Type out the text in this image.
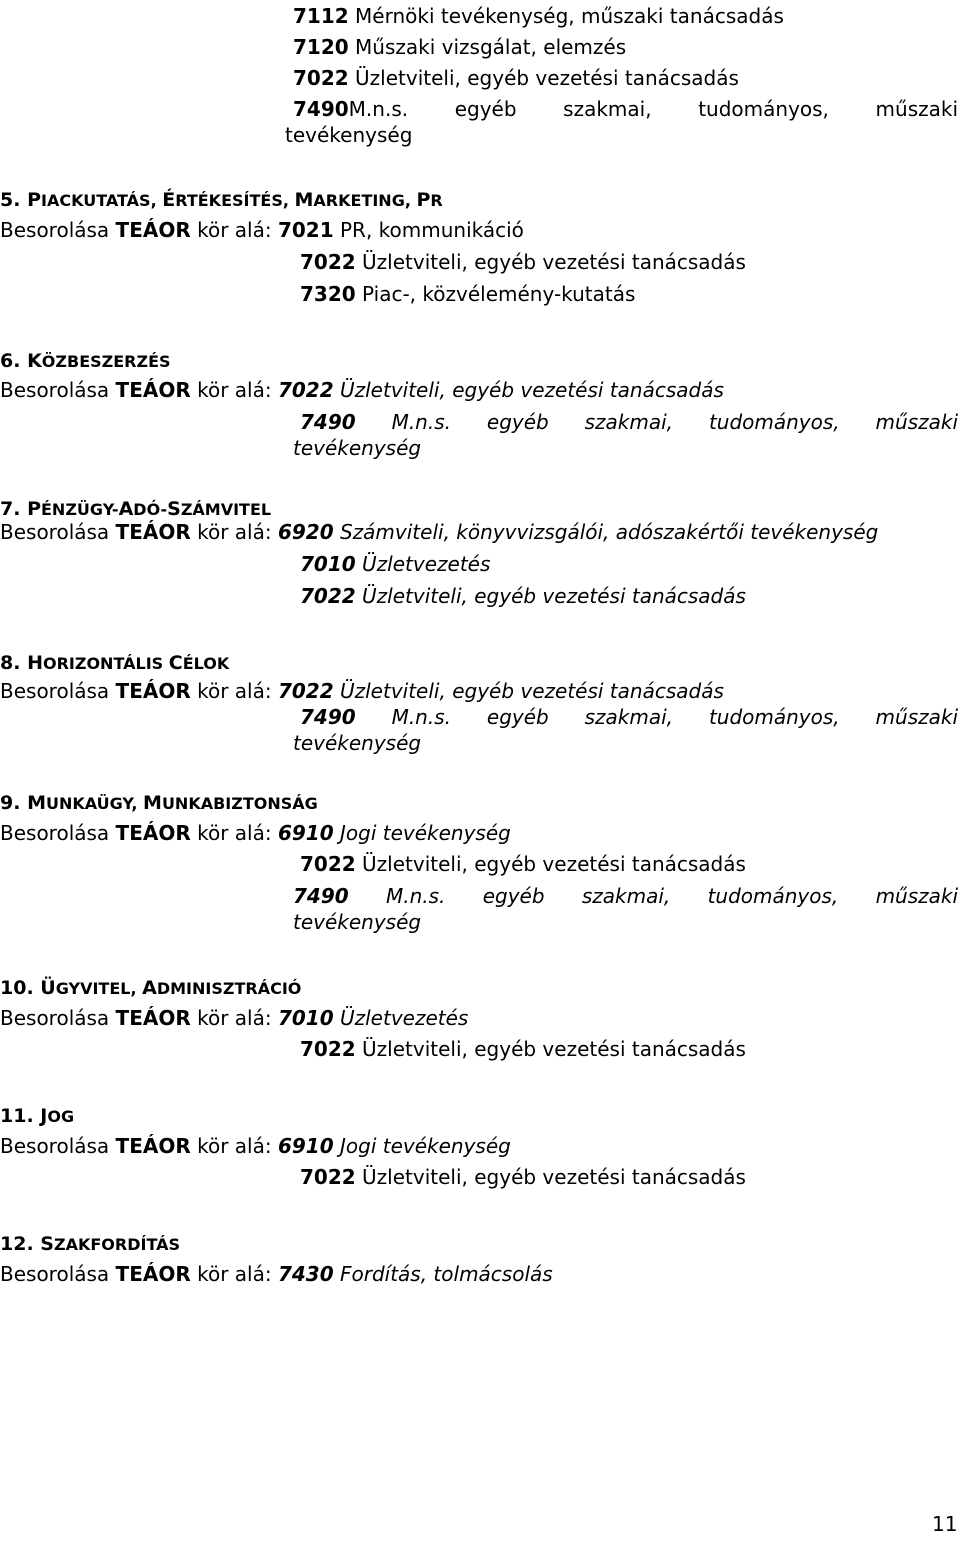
7112 Mérnöki tevékenység, műszaki tanácsadás
7120 Műszaki vizsgálat, elemzés
7022 Üzletviteli, egyéb vezetési tanácsadás
7490M.n.s. egyéb szakmai, tudományos, műszaki
tevékenység
5. PIACKUTATÁS, ÉRTÉKESÍTÉS, MARKETING, PR
Besorolása TEÁOR kör alá: 7021 PR, kommunikáció
7022 Üzletviteli, egyéb vezetési tanácsadás
7320 Piac-, közvélemény-kutatás
6. KÖZBESZERZÉS
Besorolása TEÁOR kör alá: 7022 Üzletviteli, egyéb vezetési tanácsadás
7490 M.n.s. egyéb szakmai, tudományos, műszaki
tevékenység
7. PÉNZÜGY-ADÓ-SZÁMVITEL
Besorolása TEÁOR kör alá: 6920 Számviteli, könyvvizsgálói, adószakértői tevékenység
7010 Üzletvezetés
7022 Üzletviteli, egyéb vezetési tanácsadás
8. HORIZONTÁLIS CÉLOK
Besorolása TEÁOR kör alá: 7022 Üzletviteli, egyéb vezetési tanácsadás
7490 M.n.s. egyéb szakmai, tudományos, műszaki
tevékenység
9. MUNKAÜGY, MUNKABIZTONSÁG
Besorolása TEÁOR kör alá: 6910 Jogi tevékenység
7022 Üzletviteli, egyéb vezetési tanácsadás
7490 M.n.s. egyéb szakmai, tudományos, műszaki
tevékenység
10. ÜGYVITEL, ADMINISZTRÁCIÓ
Besorolása TEÁOR kör alá: 7010 Üzletvezetés
7022 Üzletviteli, egyéb vezetési tanácsadás
11. JOG
Besorolása TEÁOR kör alá: 6910 Jogi tevékenység
7022 Üzletviteli, egyéb vezetési tanácsadás
12. SZAKFORDÍTÁS
Besorolása TEÁOR kör alá: 7430 Fordítás, tolmácsolás
11
